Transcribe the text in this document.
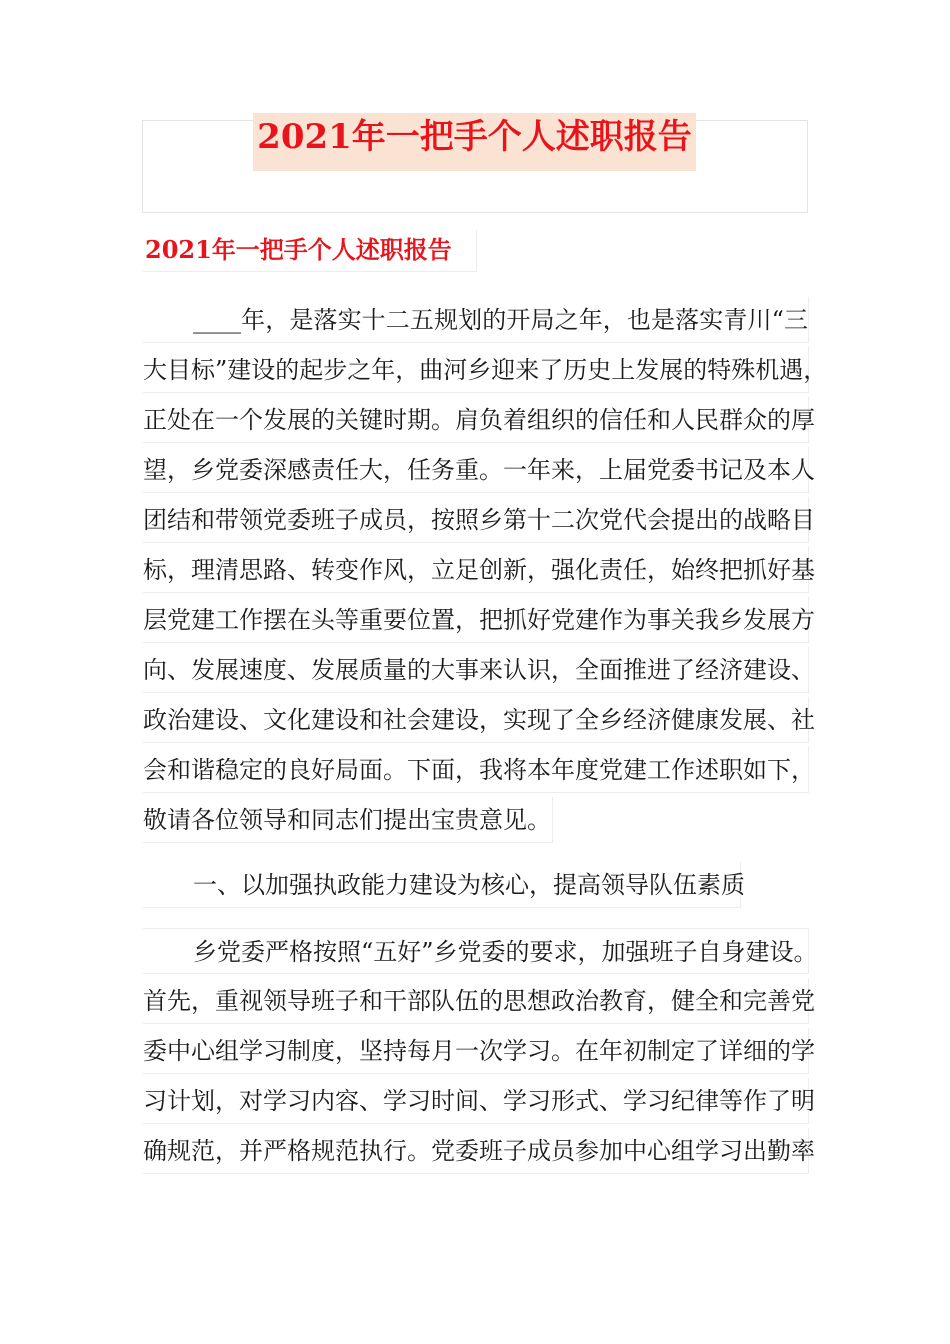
2021年一把手个人述职报告
2021年一把手个人述职报告
____年，是落实十二五规划的开局之年，也是落实青川“三
大目标”建设的起步之年，曲河乡迎来了历史上发展的特殊机遇，
正处在一个发展的关键时期。肩负着组织的信任和人民群众的厚
望，乡党委深感责任大，任务重。一年来，上届党委书记及本人
团结和带领党委班子成员，按照乡第十二次党代会提出的战略目
标，理清思路、转变作风，立足创新，强化责任，始终把抓好基
层党建工作摆在头等重要位置，把抓好党建作为事关我乡发展方
向、发展速度、发展质量的大事来认识，全面推进了经济建设、
政治建设、文化建设和社会建设，实现了全乡经济健康发展、社
会和谐稳定的良好局面。下面，我将本年度党建工作述职如下，
敬请各位领导和同志们提出宝贵意见。
一、以加强执政能力建设为核心，提高领导队伍素质
乡党委严格按照“五好”乡党委的要求，加强班子自身建设。
首先，重视领导班子和干部队伍的思想政治教育，健全和完善党
委中心组学习制度，坚持每月一次学习。在年初制定了详细的学
习计划，对学习内容、学习时间、学习形式、学习纪律等作了明
确规范，并严格规范执行。党委班子成员参加中心组学习出勤率
